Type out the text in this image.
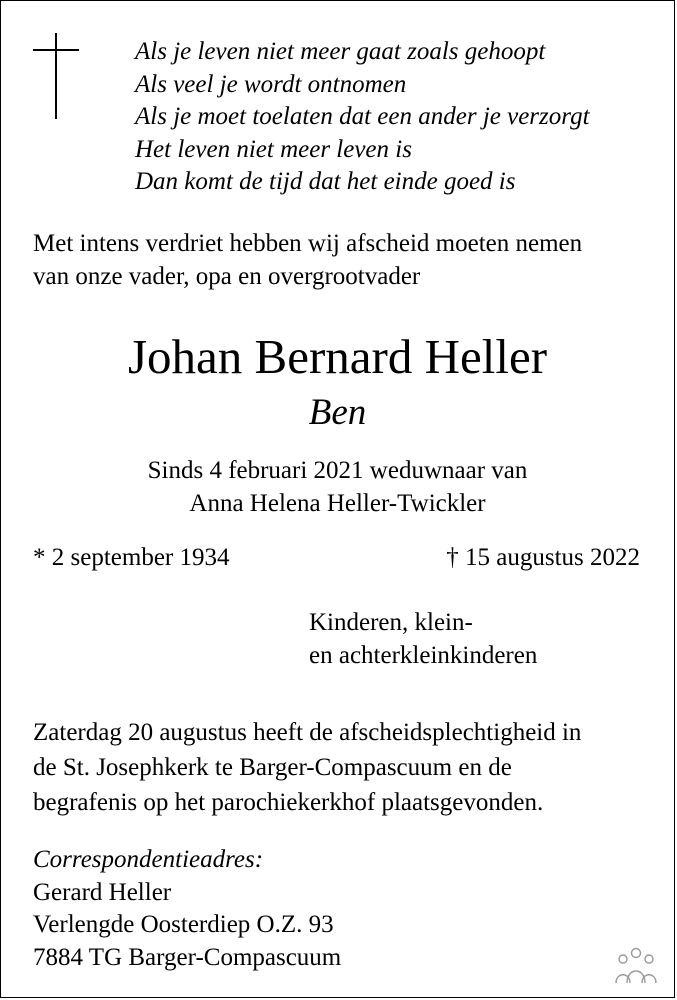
Als je leven niet meer gaat zoals gehoopt
Als veel je wordt ontnomen
Als je moet toelaten dat een ander je verzorgt
Het leven niet meer leven is
Dan komt de tijd dat het einde goed is
Met intens verdriet hebben wij afscheid moeten nemen
van onze vader, opa en overgrootvader
Johan Bernard Heller
Ben
Sinds 4 februari 2021 weduwnaar van
Anna Helena Heller-Twickler
* 2 september 1934	† 15 augustus 2022
Kinderen, klein-
en achterkleinkinderen
Zaterdag 20 augustus heeft de afscheidsplechtigheid in
de St. Josephkerk te Barger-Compascuum en de
begrafenis op het parochiekerkhof plaatsgevonden.
Correspondentieadres:
Gerard Heller
Verlengde Oosterdiep O.Z. 93
7884 TG Barger-Compascuum
